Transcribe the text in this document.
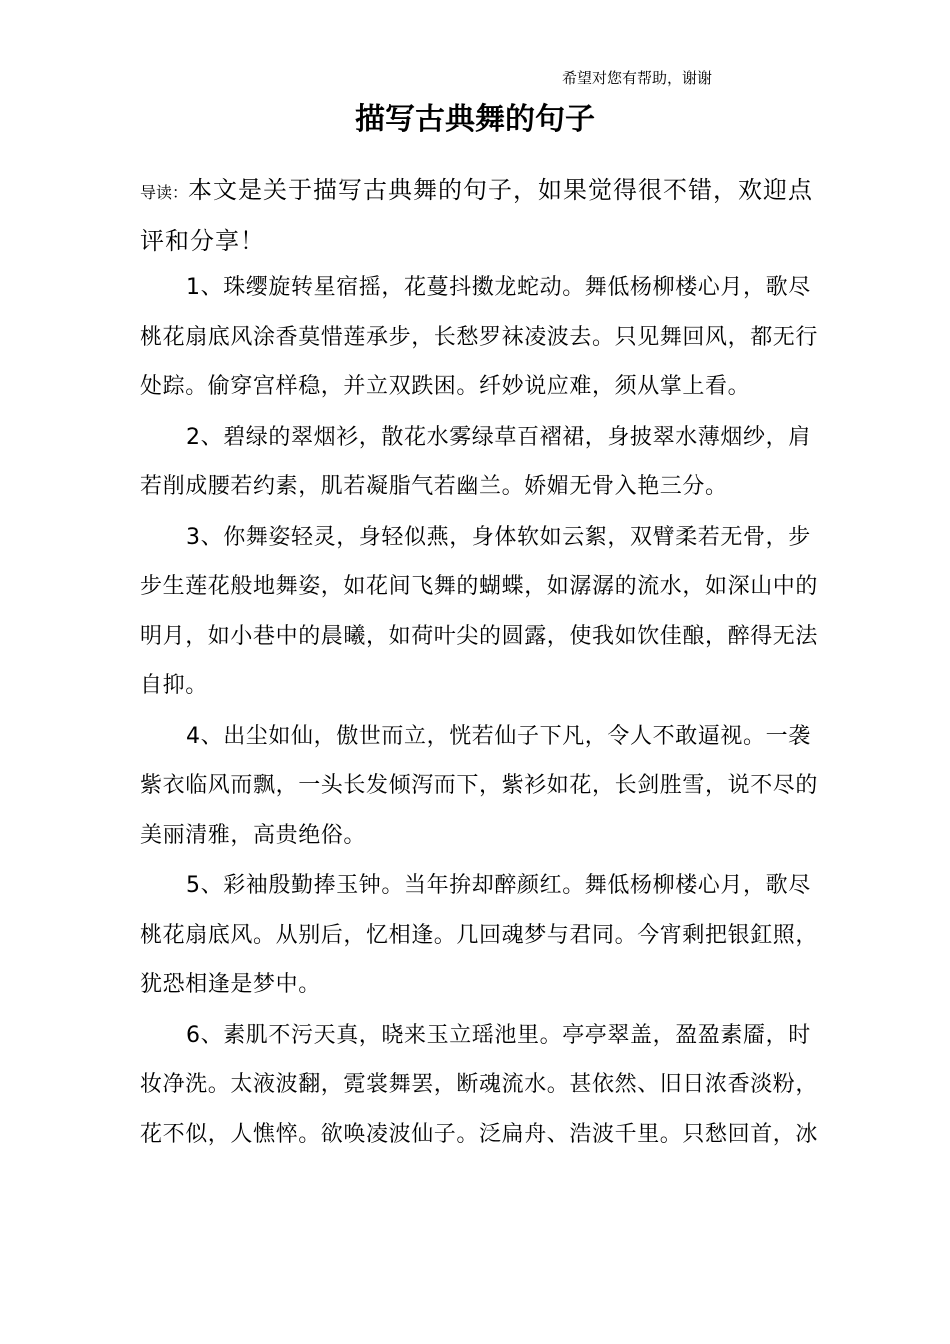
希望对您有帮助，谢谢
描写古典舞的句子

导读：本文是关于描写古典舞的句子，如果觉得很不错，欢迎点评和分享！

1、珠缨旋转星宿摇，花蔓抖擞龙蛇动。舞低杨柳楼心月，歌尽桃花扇底风涂香莫惜莲承步，长愁罗袜凌波去。只见舞回风，都无行处踪。偷穿宫样稳，并立双跌困。纤妙说应难，须从掌上看。

2、碧绿的翠烟衫，散花水雾绿草百褶裙，身披翠水薄烟纱，肩若削成腰若约素，肌若凝脂气若幽兰。娇媚无骨入艳三分。

3、你舞姿轻灵，身轻似燕，身体软如云絮，双臂柔若无骨，步步生莲花般地舞姿，如花间飞舞的蝴蝶，如潺潺的流水，如深山中的明月，如小巷中的晨曦，如荷叶尖的圆露，使我如饮佳酿，醉得无法自抑。

4、出尘如仙，傲世而立，恍若仙子下凡，令人不敢逼视。一袭紫衣临风而飘，一头长发倾泻而下，紫衫如花，长剑胜雪，说不尽的美丽清雅，高贵绝俗。

5、彩袖殷勤捧玉钟。当年拚却醉颜红。舞低杨柳楼心月，歌尽桃花扇底风。从别后，忆相逢。几回魂梦与君同。今宵剩把银釭照，犹恐相逢是梦中。

6、素肌不污天真，晓来玉立瑶池里。亭亭翠盖，盈盈素靥，时妆净洗。太液波翻，霓裳舞罢，断魂流水。甚依然、旧日浓香淡粉，花不似，人憔悴。欲唤凌波仙子。泛扁舟、浩波千里。只愁回首，冰
